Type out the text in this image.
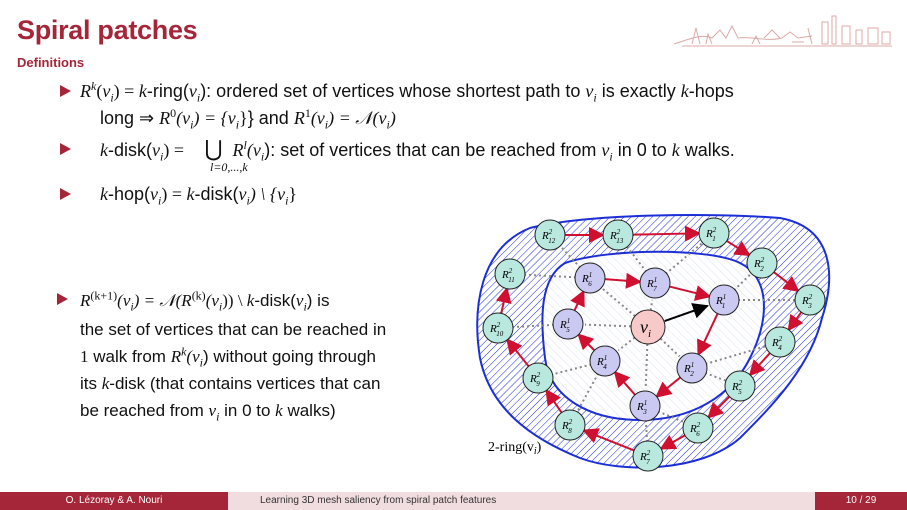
Spiral patches
Definitions
$R^k(v_i)$ = $k-ring(v_i)$: ordered set of vertices whose shortest path to $v_i$ is exactly k-hops
long ⇒ $R^0(v_i) = \{v_i\}$} and $R^1(v_i)$ = $𝒩(v_i)$
$k-disk(v_i)$ = ⋃ $R^l(v_i)$: set of vertices that can be reached from $v_i$ in 0 to k walks.
l=0,...,k
$k-hop(v_i)$ = $k-disk(v_i)$ \ $\{v_i\}$
$R^{(k+1)}(v_i)$ = $𝒩(R^{(k)}(v_i))$ \ $k-disk(v_i)$ is
the set of vertices that can be reached in
1 walk from $R^k(v_i)$ without going through
its k-disk (that contains vertices that can
be reached from $v_i$ in 0 to k walks)
$R^2$ 12	$R^2$ 13
$R^2$ 1
$R^2$ 2
$R^2$ 3
$R^2$ 4
$R^2$ 5
$R^2$ 6
$R^2$ 7
$R^2$ 8
$R^2$ 9
$R^2$ 10
$R^2$ 11
$R^1$ 1
$R^1$ 2
$R^1$ 3
$R^1$ 4
$R^1$ 5
$R^1$ 6	$R^1$ 7
$v_i$
$2-ring(v_i)$
O. Lézoray & A. Nouri	Learning 3D mesh saliency from spiral patch features	10 / 29
